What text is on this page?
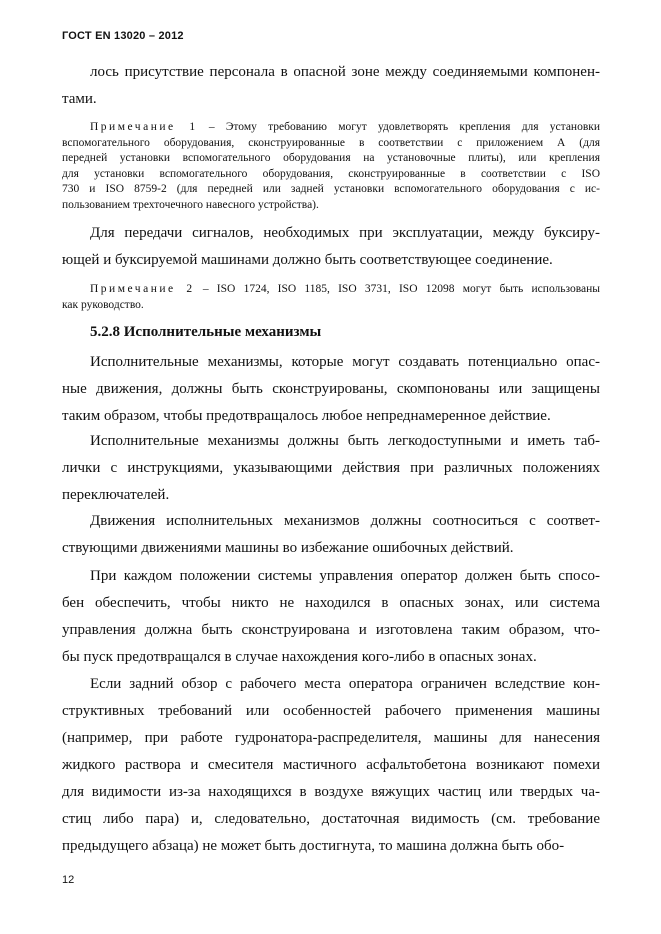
ГОСТ EN 13020 – 2012
лось присутствие персонала в опасной зоне между соединяемыми компонен-
тами.
Примечание 1 – Этому требованию могут удовлетворять крепления для установки
вспомогательного оборудования, сконструированные в соответствии с приложением А (для
передней установки вспомогательного оборудования на установочные плиты), или крепления
для установки вспомогательного оборудования, сконструированные в соответствии с ISO
730 и ISO 8759-2 (для передней или задней установки вспомогательного оборудования с ис-
пользованием трехточечного навесного устройства).
Для передачи сигналов, необходимых при эксплуатации, между буксиру-
ющей и буксируемой машинами должно быть соответствующее соединение.
Примечание 2 – ISO 1724, ISO 1185, ISO 3731, ISO 12098 могут быть использованы
как руководство.
5.2.8 Исполнительные механизмы
Исполнительные механизмы, которые могут создавать потенциально опас-
ные движения, должны быть сконструированы, скомпонованы или защищены
таким образом, чтобы предотвращалось любое непреднамеренное действие.
Исполнительные механизмы должны быть легкодоступными и иметь таб-
лички с инструкциями, указывающими действия при различных положениях
переключателей.
Движения исполнительных механизмов должны соотноситься с соответ-
ствующими движениями машины во избежание ошибочных действий.
При каждом положении системы управления оператор должен быть спосо-
бен обеспечить, чтобы никто не находился в опасных зонах, или система
управления должна быть сконструирована и изготовлена таким образом, что-
бы пуск предотвращался в случае нахождения кого-либо в опасных зонах.
Если задний обзор с рабочего места оператора ограничен вследствие кон-
структивных требований или особенностей рабочего применения машины
(например, при работе гудронатора-распределителя, машины для нанесения
жидкого раствора и смесителя мастичного асфальтобетона возникают помехи
для видимости из-за находящихся в воздухе вяжущих частиц или твердых ча-
стиц либо пара) и, следовательно, достаточная видимость (см. требование
предыдущего абзаца) не может быть достигнута, то машина должна быть обо-
12
